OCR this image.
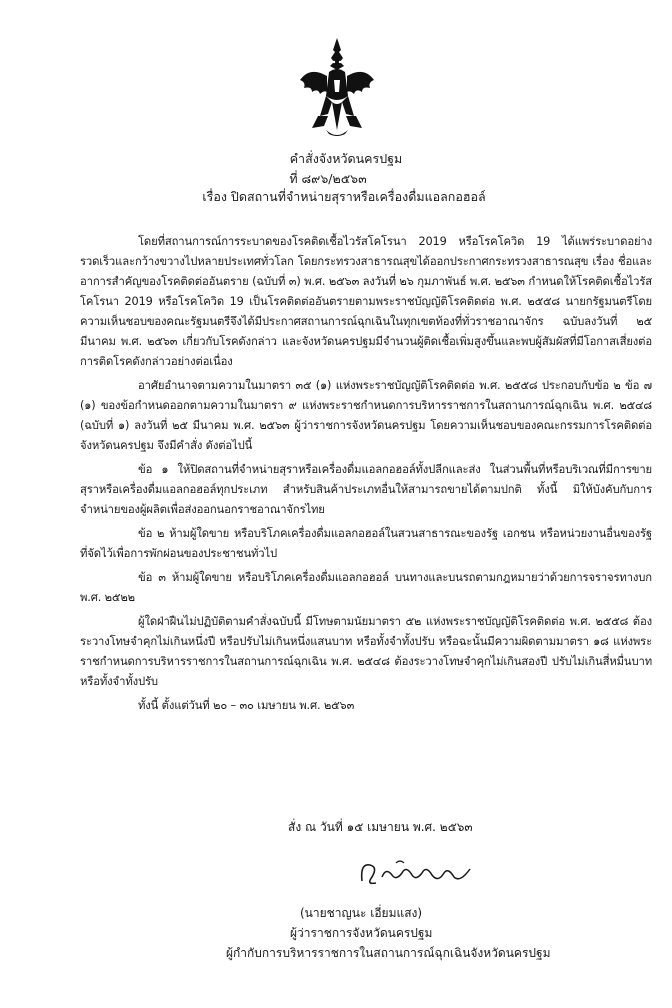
คำสั่งจังหวัดนครปฐม
ที่ ๘๙๖/๒๕๖๓
เรื่อง ปิดสถานที่จำหน่ายสุราหรือเครื่องดื่มแอลกอฮอล์

โดยที่สถานการณ์การระบาดของโรคติดเชื้อไวรัสโคโรนา 2019 หรือโรคโควิด 19 ได้แพร่ระบาดอย่างรวดเร็วและกว้างขวางไปหลายประเทศทั่วโลก โดยกระทรวงสาธารณสุขได้ออกประกาศกระทรวงสาธารณสุข เรื่อง ชื่อและอาการสำคัญของโรคติดต่ออันตราย (ฉบับที่ ๓) พ.ศ. ๒๕๖๓ ลงวันที่ ๒๖ กุมภาพันธ์ พ.ศ. ๒๕๖๓ กำหนดให้โรคติดเชื้อไวรัสโคโรนา 2019 หรือโรคโควิด 19 เป็นโรคติดต่ออันตรายตามพระราชบัญญัติโรคติดต่อ พ.ศ. ๒๕๕๘ นายกรัฐมนตรีโดยความเห็นชอบของคณะรัฐมนตรีจึงได้มีประกาศสถานการณ์ฉุกเฉินในทุกเขตท้องที่ทั่วราชอาณาจักร ฉบับลงวันที่ ๒๕ มีนาคม พ.ศ. ๒๕๖๓ เกี่ยวกับโรคดังกล่าว และจังหวัดนครปฐมมีจำนวนผู้ติดเชื้อเพิ่มสูงขึ้นและพบผู้สัมผัสที่มีโอกาสเสี่ยงต่อการติดโรคดังกล่าวอย่างต่อเนื่อง

อาศัยอำนาจตามความในมาตรา ๓๕ (๑) แห่งพระราชบัญญัติโรคติดต่อ พ.ศ. ๒๕๕๘ ประกอบกับข้อ ๒ ข้อ ๗ (๑) ของข้อกำหนดออกตามความในมาตรา ๙ แห่งพระราชกำหนดการบริหารราชการในสถานการณ์ฉุกเฉิน พ.ศ. ๒๕๔๘ (ฉบับที่ ๑) ลงวันที่ ๒๕ มีนาคม พ.ศ. ๒๕๖๓ ผู้ว่าราชการจังหวัดนครปฐม โดยความเห็นชอบของคณะกรรมการโรคติดต่อจังหวัดนครปฐม จึงมีคำสั่ง ดังต่อไปนี้

ข้อ ๑ ให้ปิดสถานที่จำหน่ายสุราหรือเครื่องดื่มแอลกอฮอล์ทั้งปลีกและส่ง ในส่วนพื้นที่หรือบริเวณที่มีการขายสุราหรือเครื่องดื่มแอลกอฮอล์ทุกประเภท สำหรับสินค้าประเภทอื่นให้สามารถขายได้ตามปกติ ทั้งนี้ มิให้บังคับกับการจำหน่ายของผู้ผลิตเพื่อส่งออกนอกราชอาณาจักรไทย

ข้อ ๒ ห้ามผู้ใดขาย หรือบริโภคเครื่องดื่มแอลกอฮอล์ในสวนสาธารณะของรัฐ เอกชน หรือหน่วยงานอื่นของรัฐ ที่จัดไว้เพื่อการพักผ่อนของประชาชนทั่วไป

ข้อ ๓ ห้ามผู้ใดขาย หรือบริโภคเครื่องดื่มแอลกอฮอล์ บนทางและบนรถตามกฎหมายว่าด้วยการจราจรทางบก พ.ศ. ๒๕๒๒

ผู้ใดฝ่าฝืนไม่ปฏิบัติตามคำสั่งฉบับนี้ มีโทษตามนัยมาตรา ๕๒ แห่งพระราชบัญญัติโรคติดต่อ พ.ศ. ๒๕๕๘ ต้องระวางโทษจำคุกไม่เกินหนึ่งปี หรือปรับไม่เกินหนึ่งแสนบาท หรือทั้งจำทั้งปรับ หรือฉะนั้นมีความผิดตามมาตรา ๑๘ แห่งพระราชกำหนดการบริหารราชการในสถานการณ์ฉุกเฉิน พ.ศ. ๒๕๔๘ ต้องระวางโทษจำคุกไม่เกินสองปี ปรับไม่เกินสี่หมื่นบาท หรือทั้งจำทั้งปรับ

ทั้งนี้ ตั้งแต่วันที่ ๒๐ – ๓๐ เมษายน พ.ศ. ๒๕๖๓

สั่ง ณ วันที่ ๑๕ เมษายน พ.ศ. ๒๕๖๓
(นายชาญนะ เอี่ยมแสง)
ผู้ว่าราชการจังหวัดนครปฐม
ผู้กำกับการบริหารราชการในสถานการณ์ฉุกเฉินจังหวัดนครปฐม
